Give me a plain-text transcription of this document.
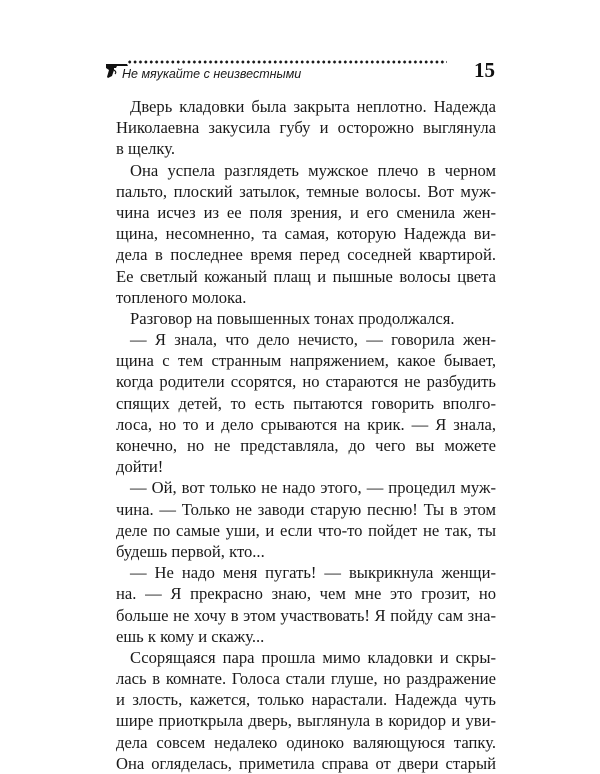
Не мяукайте с неизвестными	15
Дверь кладовки была закрыта неплотно. Надежда
Николаевна закусила губу и осторожно выглянула
в щелку.
Она успела разглядеть мужское плечо в черном
пальто, плоский затылок, темные волосы. Вот муж-
чина исчез из ее поля зрения, и его сменила жен-
щина, несомненно, та самая, которую Надежда ви-
дела в последнее время перед соседней квартирой.
Ее светлый кожаный плащ и пышные волосы цвета
топленого молока.
Разговор на повышенных тонах продолжался.
— Я знала, что дело нечисто, — говорила жен-
щина с тем странным напряжением, какое бывает,
когда родители ссорятся, но стараются не разбудить
спящих детей, то есть пытаются говорить вполго-
лоса, но то и дело срываются на крик. — Я знала,
конечно, но не представляла, до чего вы можете
дойти!
— Ой, вот только не надо этого, — процедил муж-
чина. — Только не заводи старую песню! Ты в этом
деле по самые уши, и если что-то пойдет не так, ты
будешь первой, кто...
— Не надо меня пугать! — выкрикнула женщи-
на. — Я прекрасно знаю, чем мне это грозит, но
больше не хочу в этом участвовать! Я пойду сам зна-
ешь к кому и скажу...
Ссорящаяся пара прошла мимо кладовки и скры-
лась в комнате. Голоса стали глуше, но раздражение
и злость, кажется, только нарастали. Надежда чуть
шире приоткрыла дверь, выглянула в коридор и уви-
дела совсем недалеко одиноко валяющуюся тапку.
Она огляделась, приметила справа от двери старый
